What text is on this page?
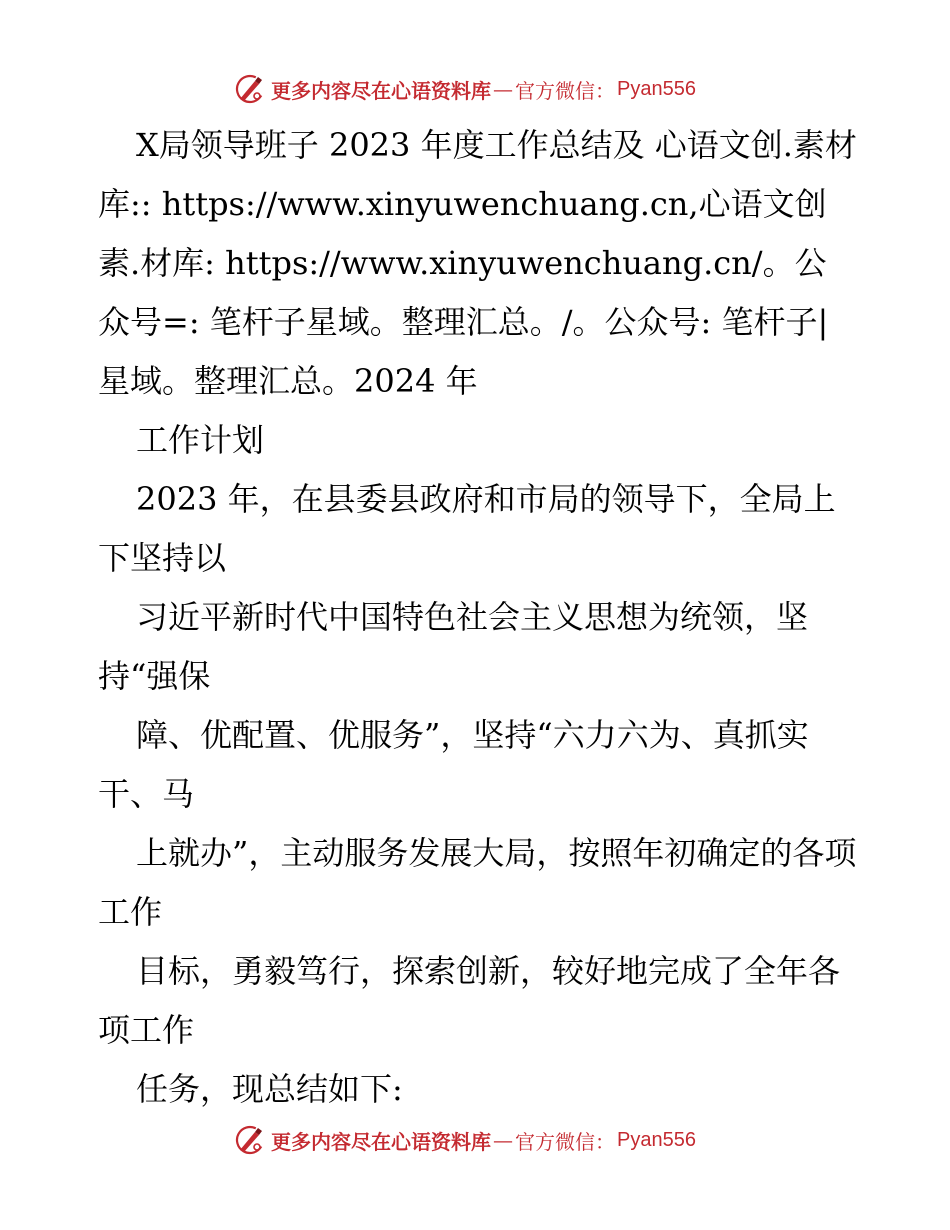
更多内容尽在心语资料库 — 官方微信： Pyan556

X局领导班子 2023 年度工作总结及 心语文创.素材库:: https://www.xinyuwenchuang.cn,心语文创素.材库: https://www.xinyuwenchuang.cn/。公众号=: 笔杆子星域。整理汇总。/。公众号: 笔杆子|星域。整理汇总。2024 年

工作计划

2023 年，在县委县政府和市局的领导下，全局上下坚持以

习近平新时代中国特色社会主义思想为统领，坚持“强保

障、优配置、优服务”，坚持“六力六为、真抓实干、马

上就办”，主动服务发展大局，按照年初确定的各项工作

目标，勇毅笃行，探索创新，较好地完成了全年各项工作

任务，现总结如下:

更多内容尽在心语资料库 — 官方微信： Pyan556
